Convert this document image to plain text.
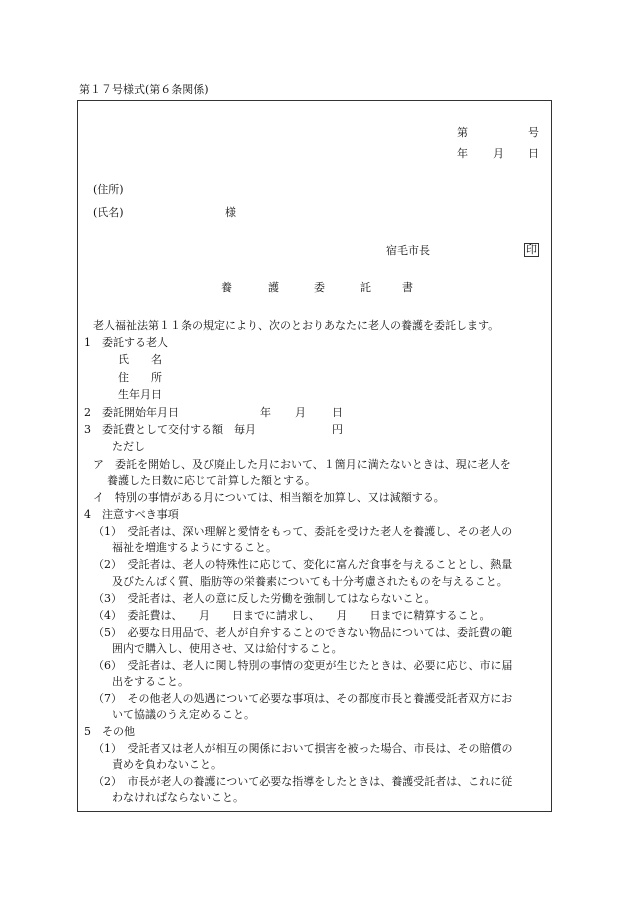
第１７号様式(第６条関係)
第	号
年 月 日
(住所)
(氏名)	様
宿毛市長	印
養	護	委	託	書
老人福祉法第１１条の規定により、次のとおりあなたに老人の養護を委託します。
1　委託する老人
氏　　名
住　　所
生年月日
2　委託開始年月日	年 月 日
3　委託費として交付する額　毎月	円
ただし
ア　委託を開始し、及び廃止した月において、１箇月に満たないときは、現に老人を
養護した日数に応じて計算した額とする。
イ　特別の事情がある月については、相当額を加算し、又は減額する。
4　注意すべき事項
（1）　受託者は、深い理解と愛情をもって、委託を受けた老人を養護し、その老人の
福祉を増進するようにすること。
（2）　受託者は、老人の特殊性に応じて、変化に富んだ食事を与えることとし、熱量
及びたんぱく質、脂肪等の栄養素についても十分考慮されたものを与えること。
（3）　受託者は、老人の意に反した労働を強制してはならないこと。
（4）　委託費は、　　月　　日までに請求し、　　月　　日までに精算すること。
（5）　必要な日用品で、老人が自弁することのできない物品については、委託費の範
囲内で購入し、使用させ、又は給付すること。
（6）　受託者は、老人に関し特別の事情の変更が生じたときは、必要に応じ、市に届
出をすること。
（7）　その他老人の処遇について必要な事項は、その都度市長と養護受託者双方にお
いて協議のうえ定めること。
5　その他
（1）　受託者又は老人が相互の関係において損害を被った場合、市長は、その賠償の
責めを負わないこと。
（2）　市長が老人の養護について必要な指導をしたときは、養護受託者は、これに従
わなければならないこと。
